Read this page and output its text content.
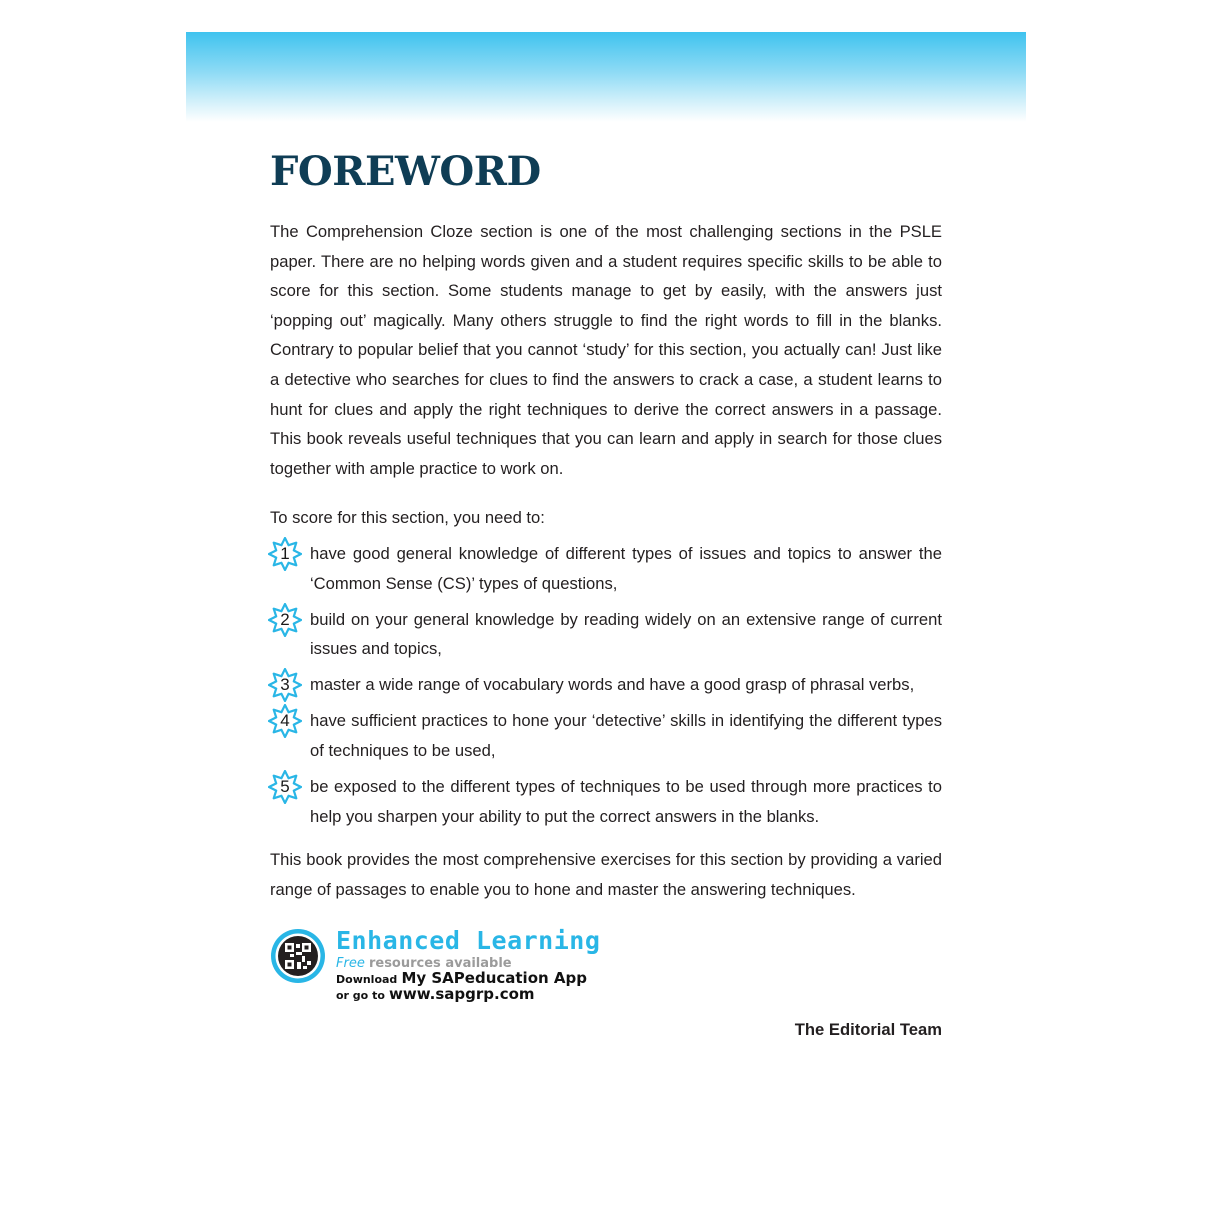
FOREWORD

The Comprehension Cloze section is one of the most challenging sections in the PSLE paper. There are no helping words given and a student requires specific skills to be able to score for this section. Some students manage to get by easily, with the answers just ‘popping out’ magically. Many others struggle to find the right words to fill in the blanks. Contrary to popular belief that you cannot ‘study’ for this section, you actually can! Just like a detective who searches for clues to find the answers to crack a case, a student learns to hunt for clues and apply the right techniques to derive the correct answers in a passage. This book reveals useful techniques that you can learn and apply in search for those clues together with ample practice to work on.

To score for this section, you need to:

1	have good general knowledge of different types of issues and topics to answer the ‘Common Sense (CS)’ types of questions,
2	build on your general knowledge by reading widely on an extensive range of current issues and topics,
3	master a wide range of vocabulary words and have a good grasp of phrasal verbs,
4	have sufficient practices to hone your ‘detective’ skills in identifying the different types of techniques to be used,
5	be exposed to the different types of techniques to be used through more practices to help you sharpen your ability to put the correct answers in the blanks.

This book provides the most comprehensive exercises for this section by providing a varied range of passages to enable you to hone and master the answering techniques.

Enhanced Learning
Free resources available
Download My SAPeducation App
or go to www.sapgrp.com
The Editorial Team
